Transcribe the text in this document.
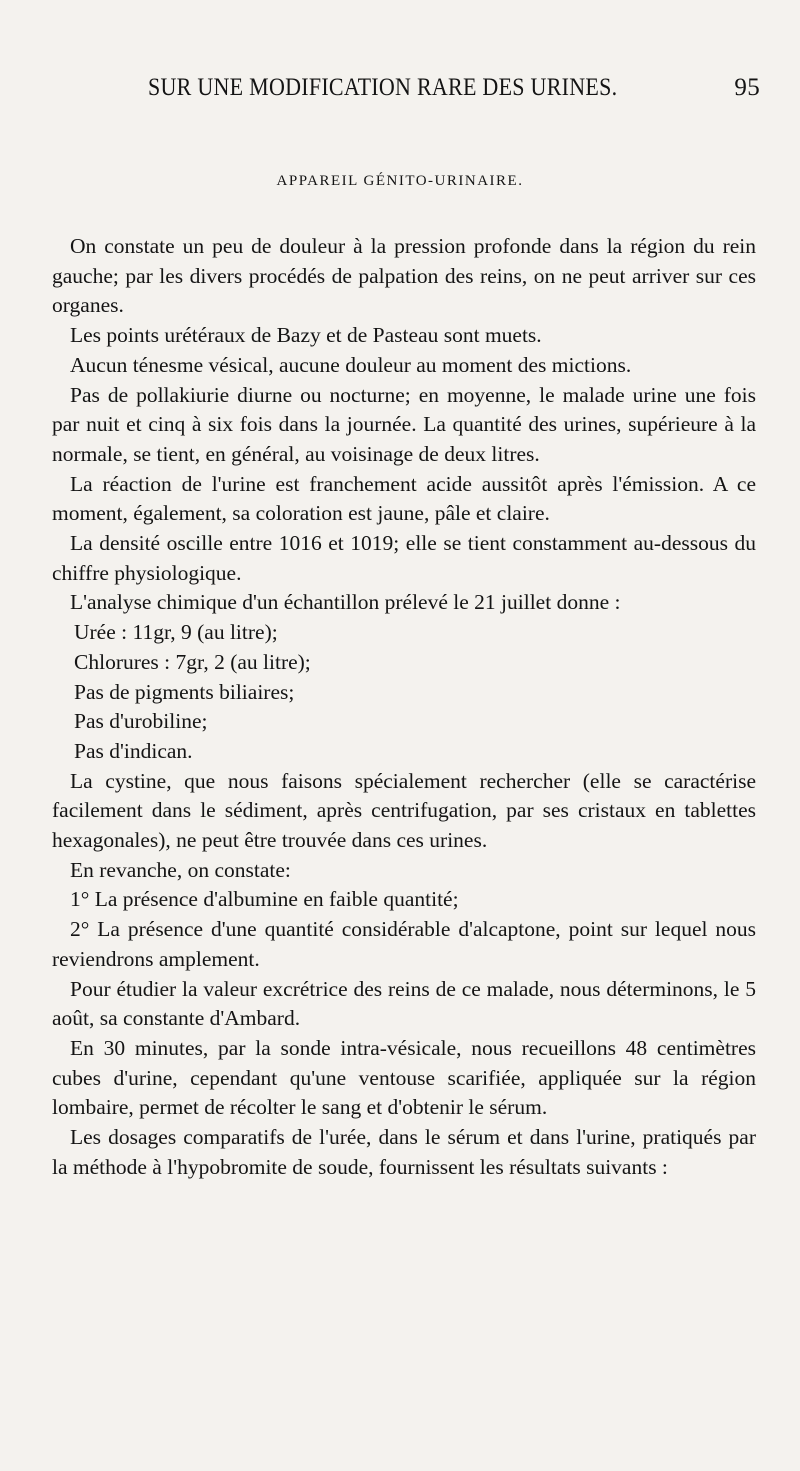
SUR UNE MODIFICATION RARE DES URINES.	95
APPAREIL GÉNITO-URINAIRE.

On constate un peu de douleur à la pression profonde dans la région du rein gauche; par les divers procédés de palpation des reins, on ne peut arriver sur ces organes.

Les points urétéraux de Bazy et de Pasteau sont muets.

Aucun ténesme vésical, aucune douleur au moment des mictions.

Pas de pollakiurie diurne ou nocturne; en moyenne, le malade urine une fois par nuit et cinq à six fois dans la journée. La quantité des urines, supérieure à la normale, se tient, en général, au voisinage de deux litres.

La réaction de l'urine est franchement acide aussitôt après l'émission. A ce moment, également, sa coloration est jaune, pâle et claire.

La densité oscille entre 1016 et 1019; elle se tient constamment au-dessous du chiffre physiologique.

L'analyse chimique d'un échantillon prélevé le 21 juillet donne :

Urée : 11gr, 9 (au litre);

Chlorures : 7gr, 2 (au litre);

Pas de pigments biliaires;

Pas d'urobiline;

Pas d'indican.

La cystine, que nous faisons spécialement rechercher (elle se caractérise facilement dans le sédiment, après centrifugation, par ses cristaux en tablettes hexagonales), ne peut être trouvée dans ces urines.

En revanche, on constate:

1° La présence d'albumine en faible quantité;

2° La présence d'une quantité considérable d'alcaptone, point sur lequel nous reviendrons amplement.

Pour étudier la valeur excrétrice des reins de ce malade, nous déterminons, le 5 août, sa constante d'Ambard.

En 30 minutes, par la sonde intra-vésicale, nous recueillons 48 centimètres cubes d'urine, cependant qu'une ventouse scarifiée, appliquée sur la région lombaire, permet de récolter le sang et d'obtenir le sérum.

Les dosages comparatifs de l'urée, dans le sérum et dans l'urine, pratiqués par la méthode à l'hypobromite de soude, fournissent les résultats suivants :
